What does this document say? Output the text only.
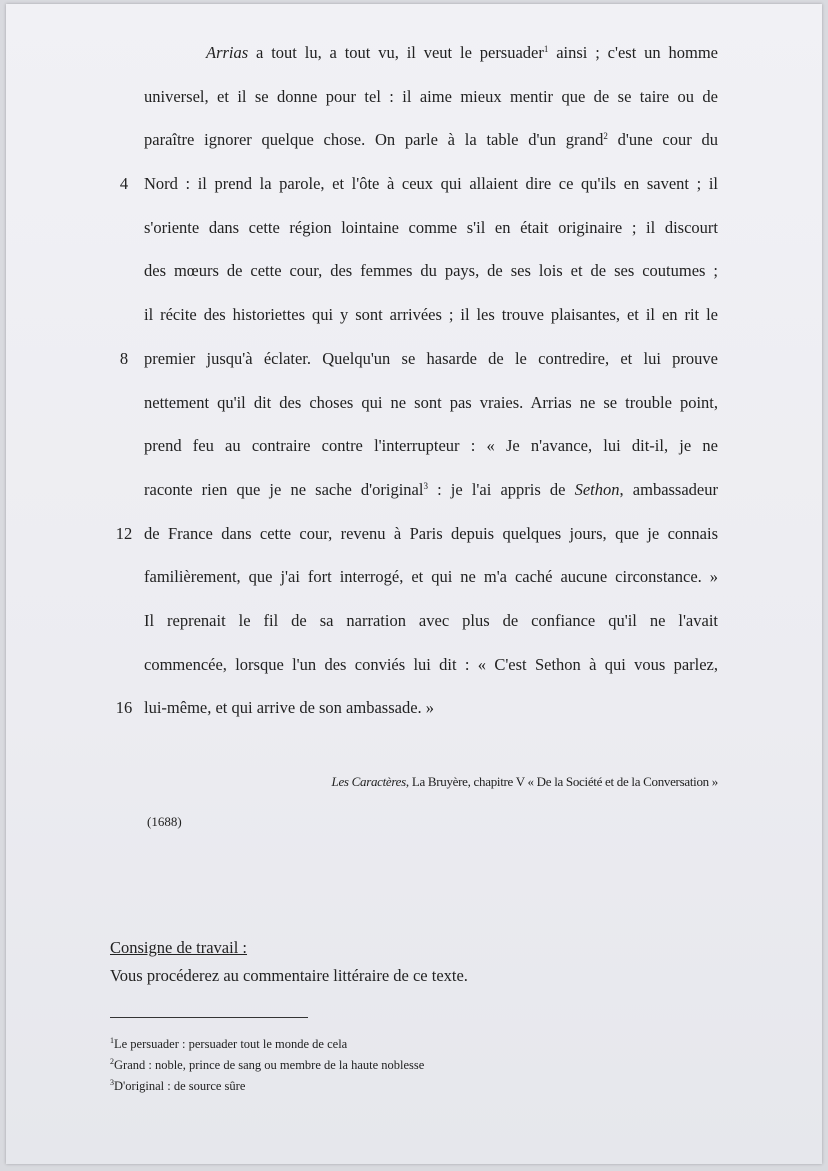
Arrias a tout lu, a tout vu, il veut le persuader$^1$ ainsi ; c'est un homme
universel, et il se donne pour tel : il aime mieux mentir que de se taire ou de
paraître ignorer quelque chose. On parle à la table d'un grand$^2$ d'une cour du
4 Nord : il prend la parole, et l'ôte à ceux qui allaient dire ce qu'ils en savent ; il
s'oriente dans cette région lointaine comme s'il en était originaire ; il discourt
des mœurs de cette cour, des femmes du pays, de ses lois et de ses coutumes ;
il récite des historiettes qui y sont arrivées ; il les trouve plaisantes, et il en rit le
8 premier jusqu'à éclater. Quelqu'un se hasarde de le contredire, et lui prouve
nettement qu'il dit des choses qui ne sont pas vraies. Arrias ne se trouble point,
prend feu au contraire contre l'interrupteur : « Je n'avance, lui dit-il, je ne
raconte rien que je ne sache d'original$^3$ : je l'ai appris de Sethon, ambassadeur
12 de France dans cette cour, revenu à Paris depuis quelques jours, que je connais
familièrement, que j'ai fort interrogé, et qui ne m'a caché aucune circonstance. »
Il reprenait le fil de sa narration avec plus de confiance qu'il ne l'avait
commencée, lorsque l'un des conviés lui dit : « C'est Sethon à qui vous parlez,
16 lui-même, et qui arrive de son ambassade. »
Les Caractères, La Bruyère, chapitre V « De la Société et de la Conversation »
(1688)
Consigne de travail :
Vous procéderez au commentaire littéraire de ce texte.
$^1$Le persuader : persuader tout le monde de cela
$^2$Grand : noble, prince de sang ou membre de la haute noblesse
$^3$D'original : de source sûre
